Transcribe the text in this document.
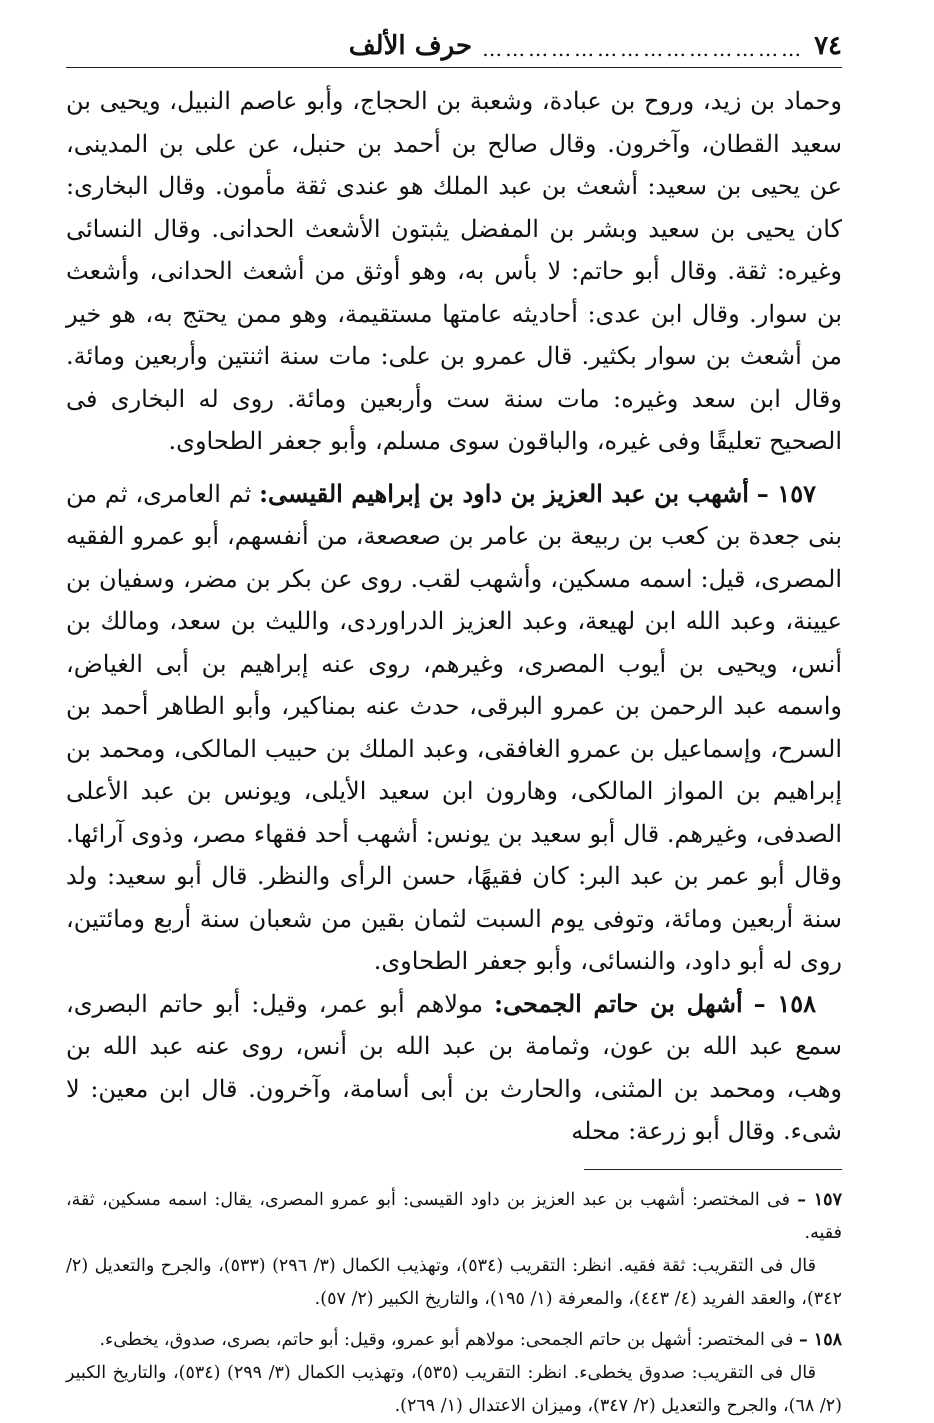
٧٤
……………………………………
حرف الألف

وحماد بن زيد، وروح بن عبادة، وشعبة بن الحجاج، وأبو عاصم النبيل، ويحيى بن سعيد القطان، وآخرون. وقال صالح بن أحمد بن حنبل، عن على بن المدينى، عن يحيى بن سعيد: أشعث بن عبد الملك هو عندى ثقة مأمون. وقال البخارى: كان يحيى بن سعيد وبشر بن المفضل يثبتون الأشعث الحدانى. وقال النسائى وغيره: ثقة. وقال أبو حاتم: لا بأس به، وهو أوثق من أشعث الحدانى، وأشعث بن سوار. وقال ابن عدى: أحاديثه عامتها مستقيمة، وهو ممن يحتج به، هو خير من أشعث بن سوار بكثير. قال عمرو بن على: مات سنة اثنتين وأربعين ومائة. وقال ابن سعد وغيره: مات سنة ست وأربعين ومائة. روى له البخارى فى الصحيح تعليقًا وفى غيره، والباقون سوى مسلم، وأبو جعفر الطحاوى.

١٥٧ – أشهب بن عبد العزيز بن داود بن إبراهيم القيسى: ثم العامرى، ثم من بنى جعدة بن كعب بن ربيعة بن عامر بن صعصعة، من أنفسهم، أبو عمرو الفقيه المصرى، قيل: اسمه مسكين، وأشهب لقب. روى عن بكر بن مضر، وسفيان بن عيينة، وعبد الله ابن لهيعة، وعبد العزيز الدراوردى، والليث بن سعد، ومالك بن أنس، ويحيى بن أيوب المصرى، وغيرهم، روى عنه إبراهيم بن أبى الغياض، واسمه عبد الرحمن بن عمرو البرقى، حدث عنه بمناكير، وأبو الطاهر أحمد بن السرح، وإسماعيل بن عمرو الغافقى، وعبد الملك بن حبيب المالكى، ومحمد بن إبراهيم بن المواز المالكى، وهارون ابن سعيد الأيلى، ويونس بن عبد الأعلى الصدفى، وغيرهم. قال أبو سعيد بن يونس: أشهب أحد فقهاء مصر، وذوى آرائها. وقال أبو عمر بن عبد البر: كان فقيهًا، حسن الرأى والنظر. قال أبو سعيد: ولد سنة أربعين ومائة، وتوفى يوم السبت لثمان بقين من شعبان سنة أربع ومائتين، روى له أبو داود، والنسائى، وأبو جعفر الطحاوى.

١٥٨ – أشهل بن حاتم الجمحى: مولاهم أبو عمر، وقيل: أبو حاتم البصرى، سمع عبد الله بن عون، وثمامة بن عبد الله بن أنس، روى عنه عبد الله بن وهب، ومحمد بن المثنى، والحارث بن أبى أسامة، وآخرون. قال ابن معين: لا شىء. وقال أبو زرعة: محله

١٥٧ – فى المختصر: أشهب بن عبد العزيز بن داود القيسى: أبو عمرو المصرى، يقال: اسمه مسكين، ثقة، فقيه.

قال فى التقريب: ثقة فقيه. انظر: التقريب (٥٣٤)، وتهذيب الكمال (٣/ ٢٩٦) (٥٣٣)، والجرح والتعديل (٢/ ٣٤٢)، والعقد الفريد (٤/ ٤٤٣)، والمعرفة (١/ ١٩٥)، والتاريخ الكبير (٢/ ٥٧).

١٥٨ – فى المختصر: أشهل بن حاتم الجمحى: مولاهم أبو عمرو، وقيل: أبو حاتم، بصرى، صدوق، يخطىء.

قال فى التقريب: صدوق يخطىء. انظر: التقريب (٥٣٥)، وتهذيب الكمال (٣/ ٢٩٩) (٥٣٤)، والتاريخ الكبير (٢/ ٦٨)، والجرح والتعديل (٢/ ٣٤٧)، وميزان الاعتدال (١/ ٢٦٩).
